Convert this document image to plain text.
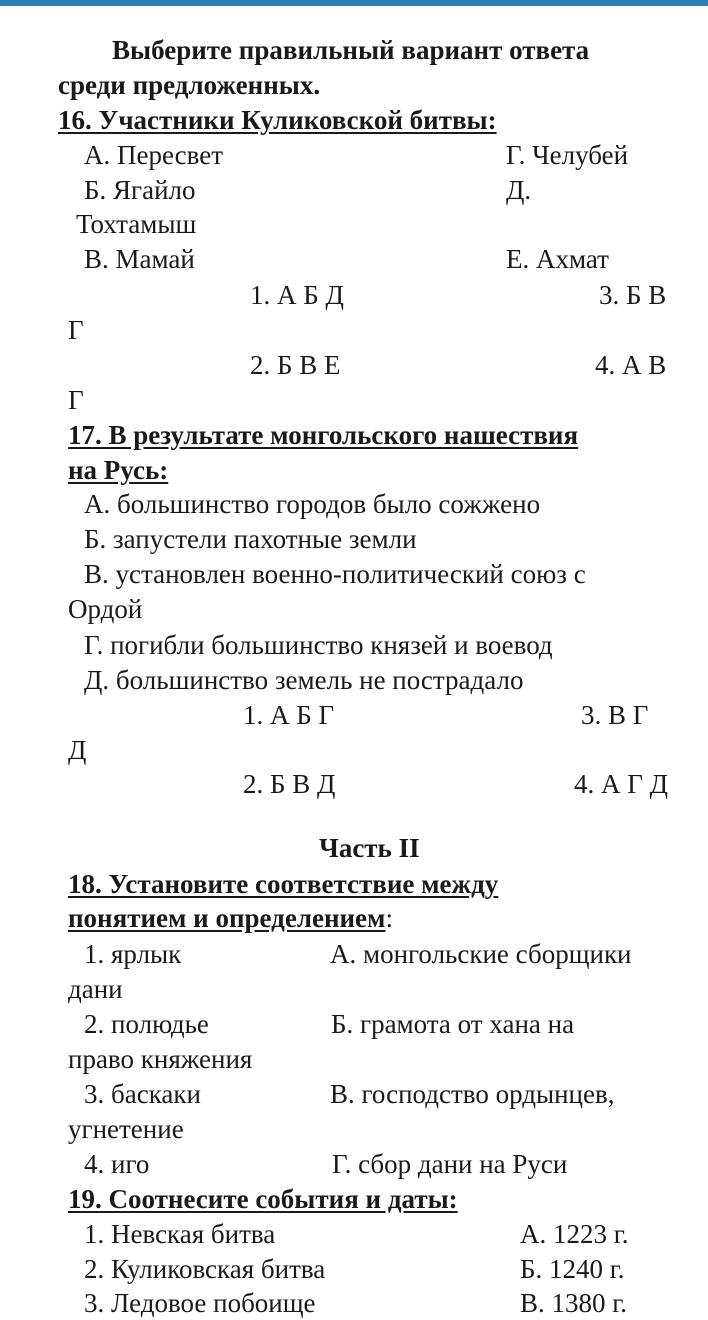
Выберите правильный вариант ответа
среди предложенных.
16. Участники Куликовской битвы:
А. Пересвет	Г. Челубей
Б. Ягайло	Д.
Тохтамыш
В. Мамай	Е. Ахмат
1. А Б Д	3. Б В
Г
2. Б В Е	4. А В
Г
17. В результате монгольского нашествия
на Русь:
А. большинство городов было сожжено
Б. запустели пахотные земли
В. установлен военно-политический союз с
Ордой
Г. погибли большинство князей и воевод
Д. большинство земель не пострадало
1. А Б Г	3. В Г
Д
2. Б В Д	4. А Г Д
Часть II
18. Установите соответствие между
понятием и определением:
1. ярлык	А. монгольские сборщики
дани
2. полюдье	Б. грамота от хана на
право княжения
3. баскаки	В. господство ордынцев,
угнетение
4. иго	Г. сбор дани на Руси
19. Соотнесите события и даты:
1. Невская битва	А. 1223 г.
2. Куликовская битва	Б. 1240 г.
3. Ледовое побоище	В. 1380 г.
